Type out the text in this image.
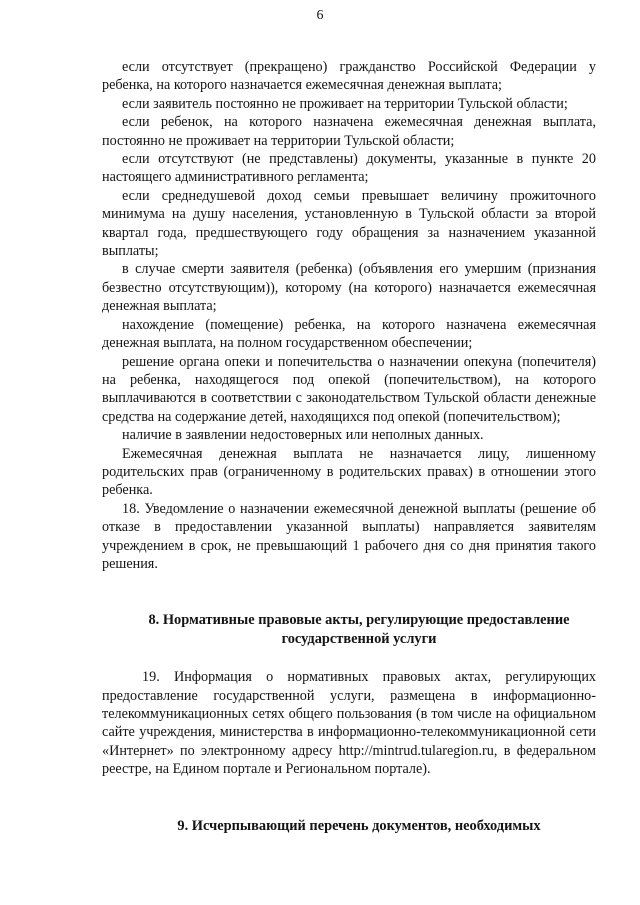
6

если отсутствует (прекращено) гражданство Российской Федерации у ребенка, на которого назначается ежемесячная денежная выплата;

если заявитель постоянно не проживает на территории Тульской области;

если ребенок, на которого назначена ежемесячная денежная выплата, постоянно не проживает на территории Тульской области;

если отсутствуют (не представлены) документы, указанные в пункте 20 настоящего административного регламента;

если среднедушевой доход семьи превышает величину прожиточного минимума на душу населения, установленную в Тульской области за второй квартал года, предшествующего году обращения за назначением указанной выплаты;

в случае смерти заявителя (ребенка) (объявления его умершим (признания безвестно отсутствующим)), которому (на которого) назначается ежемесячная денежная выплата;

нахождение (помещение) ребенка, на которого назначена ежемесячная денежная выплата, на полном государственном обеспечении;

решение органа опеки и попечительства о назначении опекуна (попечителя) на ребенка, находящегося под опекой (попечительством), на которого выплачиваются в соответствии с законодательством Тульской области денежные средства на содержание детей, находящихся под опекой (попечительством);

наличие в заявлении недостоверных или неполных данных.

Ежемесячная денежная выплата не назначается лицу, лишенному родительских прав (ограниченному в родительских правах) в отношении этого ребенка.

18. Уведомление о назначении ежемесячной денежной выплаты (решение об отказе в предоставлении указанной выплаты) направляется заявителям учреждением в срок, не превышающий 1 рабочего дня со дня принятия такого решения.

8. Нормативные правовые акты, регулирующие предоставление

государственной услуги

19. Информация о нормативных правовых актах, регулирующих предоставление государственной услуги, размещена в информационно-телекоммуникационных сетях общего пользования (в том числе на официальном сайте учреждения, министерства в информационно-телекоммуникационной сети «Интернет» по электронному адресу http://mintrud.tularegion.ru, в федеральном реестре, на Едином портале и Региональном портале).

9. Исчерпывающий перечень документов, необходимых
